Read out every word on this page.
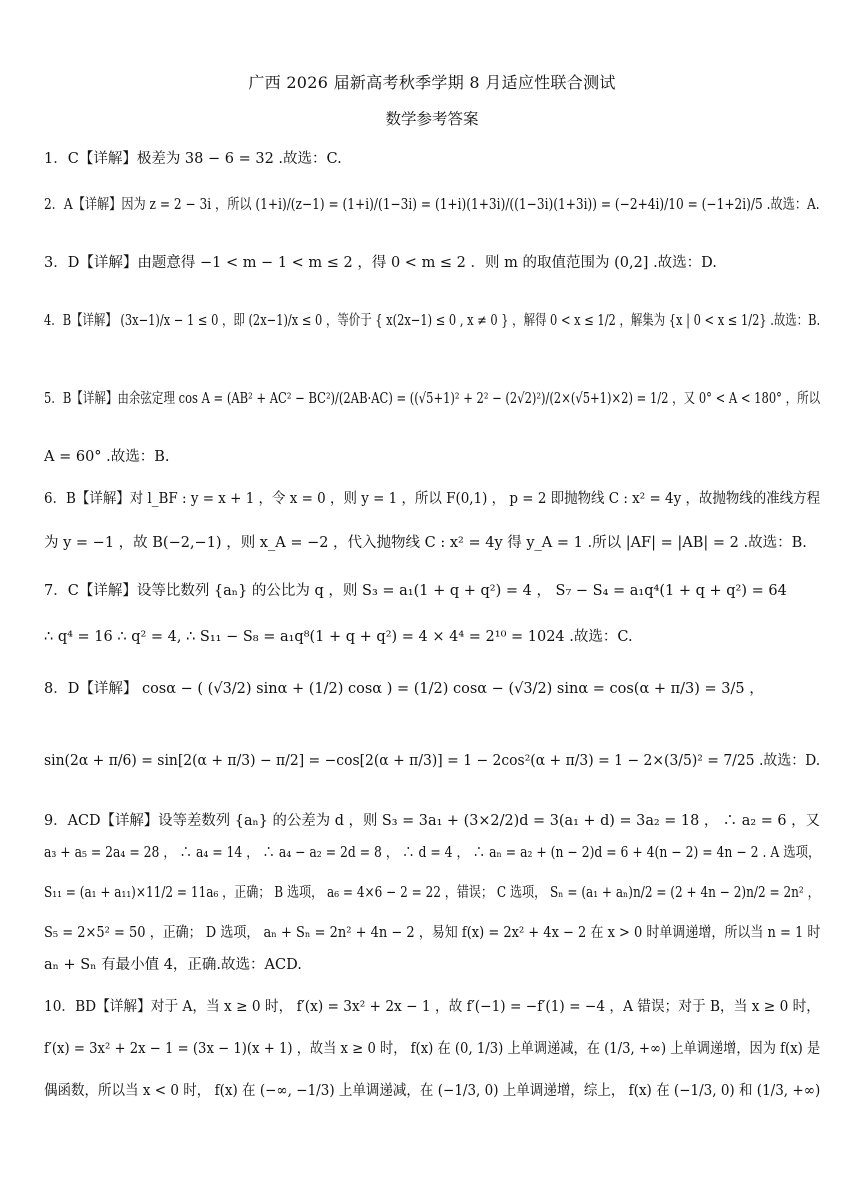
广西 2026 届新高考秋季学期 8 月适应性联合测试
数学参考答案

1．C【详解】极差为 38 − 6 = 32 .故选：C.

2．A【详解】因为 z = 2 − 3i ，所以 (1+i)/(z−1) = (1+i)/(1−3i) = (1+i)(1+3i)/((1−3i)(1+3i)) = (−2+4i)/10 = (−1+2i)/5 .故选：A.

3．D【详解】由题意得 −1 < m − 1 < m ≤ 2 ，得 0 < m ≤ 2 ．则 m 的取值范围为 (0,2] .故选：D.

4．B【详解】 (3x−1)/x − 1 ≤ 0 ，即 (2x−1)/x ≤ 0 ，等价于 { x(2x−1) ≤ 0 , x ≠ 0 } ，解得 0 < x ≤ 1/2 ，解集为 {x | 0 < x ≤ 1/2} .故选：B.

5．B【详解】由余弦定理 cos A = (AB² + AC² − BC²)/(2AB·AC) = ((√5+1)² + 2² − (2√2)²)/(2×(√5+1)×2) = 1/2 ，又 0° < A < 180° ，所以

A = 60° .故选：B.

6．B【详解】对 l_BF : y = x + 1 ，令 x = 0 ，则 y = 1 ，所以 F(0,1) ， p = 2 即抛物线 C : x² = 4y ，故抛物线的准线方程

为 y = −1 ，故 B(−2,−1) ，则 x_A = −2 ，代入抛物线 C : x² = 4y 得 y_A = 1 .所以 |AF| = |AB| = 2 .故选：B.

7．C【详解】设等比数列 {aₙ} 的公比为 q ，则 S₃ = a₁(1 + q + q²) = 4 ， S₇ − S₄ = a₁q⁴(1 + q + q²) = 64

∴ q⁴ = 16 ∴ q² = 4, ∴ S₁₁ − S₈ = a₁q⁸(1 + q + q²) = 4 × 4⁴ = 2¹⁰ = 1024 .故选：C.

8．D【详解】 cosα − ( (√3/2) sinα + (1/2) cosα ) = (1/2) cosα − (√3/2) sinα = cos(α + π/3) = 3/5 ，

sin(2α + π/6) = sin[2(α + π/3) − π/2] = −cos[2(α + π/3)] = 1 − 2cos²(α + π/3) = 1 − 2×(3/5)² = 7/25 .故选：D.

9．ACD【详解】设等差数列 {aₙ} 的公差为 d ，则 S₃ = 3a₁ + (3×2/2)d = 3(a₁ + d) = 3a₂ = 18 ， ∴ a₂ = 6 ，又

a₃ + a₅ = 2a₄ = 28 ， ∴ a₄ = 14 ， ∴ a₄ − a₂ = 2d = 8 ， ∴ d = 4 ， ∴ aₙ = a₂ + (n − 2)d = 6 + 4(n − 2) = 4n − 2 . A 选项，

S₁₁ = (a₁ + a₁₁)×11/2 = 11a₆ ，正确； B 选项， a₆ = 4×6 − 2 = 22 ，错误； C 选项， Sₙ = (a₁ + aₙ)n/2 = (2 + 4n − 2)n/2 = 2n² ，

S₅ = 2×5² = 50 ，正确； D 选项， aₙ + Sₙ = 2n² + 4n − 2 ，易知 f(x) = 2x² + 4x − 2 在 x > 0 时单调递增，所以当 n = 1 时

aₙ + Sₙ 有最小值 4，正确.故选：ACD.

10．BD【详解】对于 A，当 x ≥ 0 时， f′(x) = 3x² + 2x − 1 ，故 f′(−1) = −f′(1) = −4 ，A 错误；对于 B，当 x ≥ 0 时，

f′(x) = 3x² + 2x − 1 = (3x − 1)(x + 1) ，故当 x ≥ 0 时， f(x) 在 (0, 1/3) 上单调递减，在 (1/3, +∞) 上单调递增，因为 f(x) 是

偶函数，所以当 x < 0 时， f(x) 在 (−∞, −1/3) 上单调递减，在 (−1/3, 0) 上单调递增，综上， f(x) 在 (−1/3, 0) 和 (1/3, +∞)
